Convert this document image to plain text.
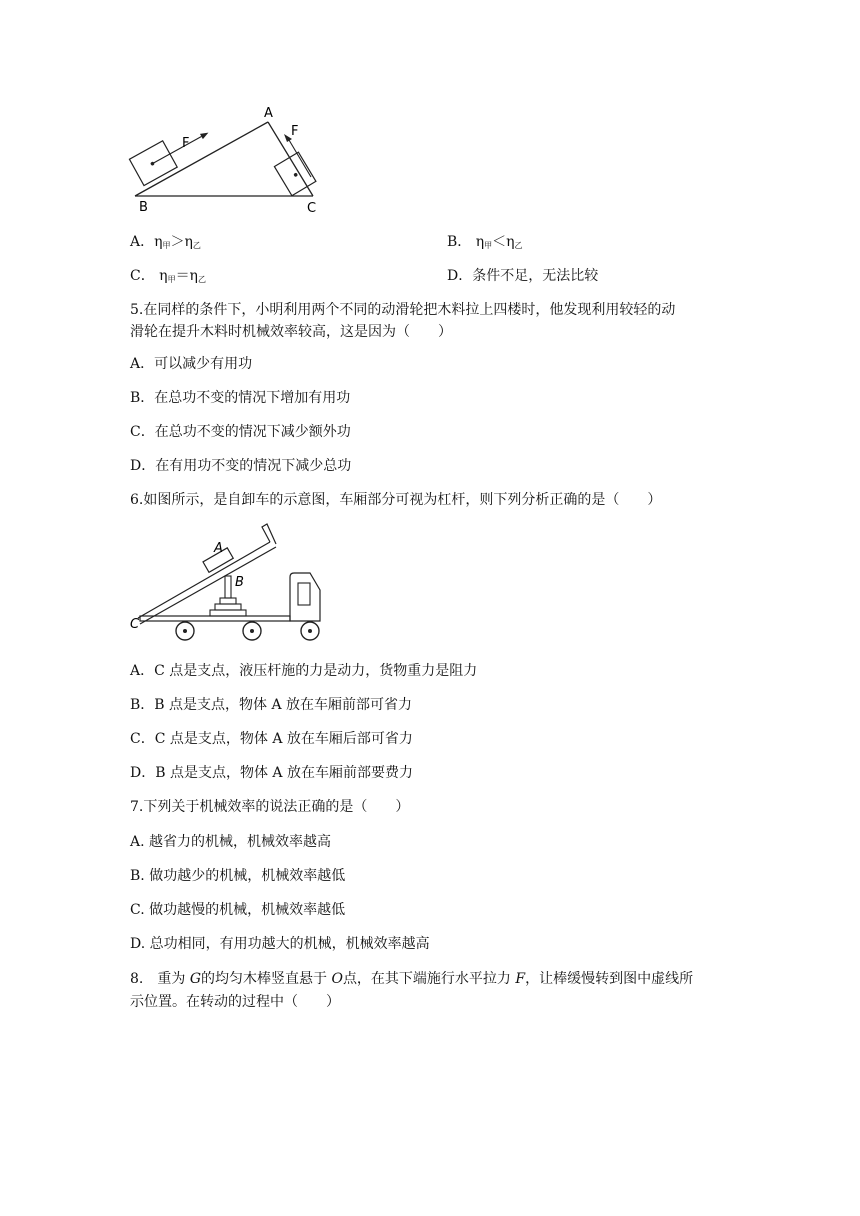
A
B	C
F
F
A．$\eta_甲>\eta_乙$	B． $\eta_甲<\eta_乙$
C． $\eta_甲=\eta_乙$	D．条件不足，无法比较
5.在同样的条件下，小明利用两个不同的动滑轮把木料拉上四楼时，他发现利用较轻的动
滑轮在提升木料时机械效率较高，这是因为（　　）
A．可以减少有用功
B．在总功不变的情况下增加有用功
C．在总功不变的情况下减少额外功
D．在有用功不变的情况下减少总功
6.如图所示，是自卸车的示意图，车厢部分可视为杠杆，则下列分析正确的是（　　）
A
B
C
A．C 点是支点，液压杆施的力是动力，货物重力是阻力
B．B 点是支点，物体 A 放在车厢前部可省力
C．C 点是支点，物体 A 放在车厢后部可省力
D．B 点是支点，物体 A 放在车厢前部要费力
7.下列关于机械效率的说法正确的是（　　）
A. 越省力的机械，机械效率越高
B. 做功越少的机械，机械效率越低
C. 做功越慢的机械，机械效率越低
D. 总功相同，有用功越大的机械，机械效率越高
8.　重为 G的均匀木棒竖直悬于 O点，在其下端施行水平拉力 F，让棒缓慢转到图中虚线所
示位置。在转动的过程中（　　）
